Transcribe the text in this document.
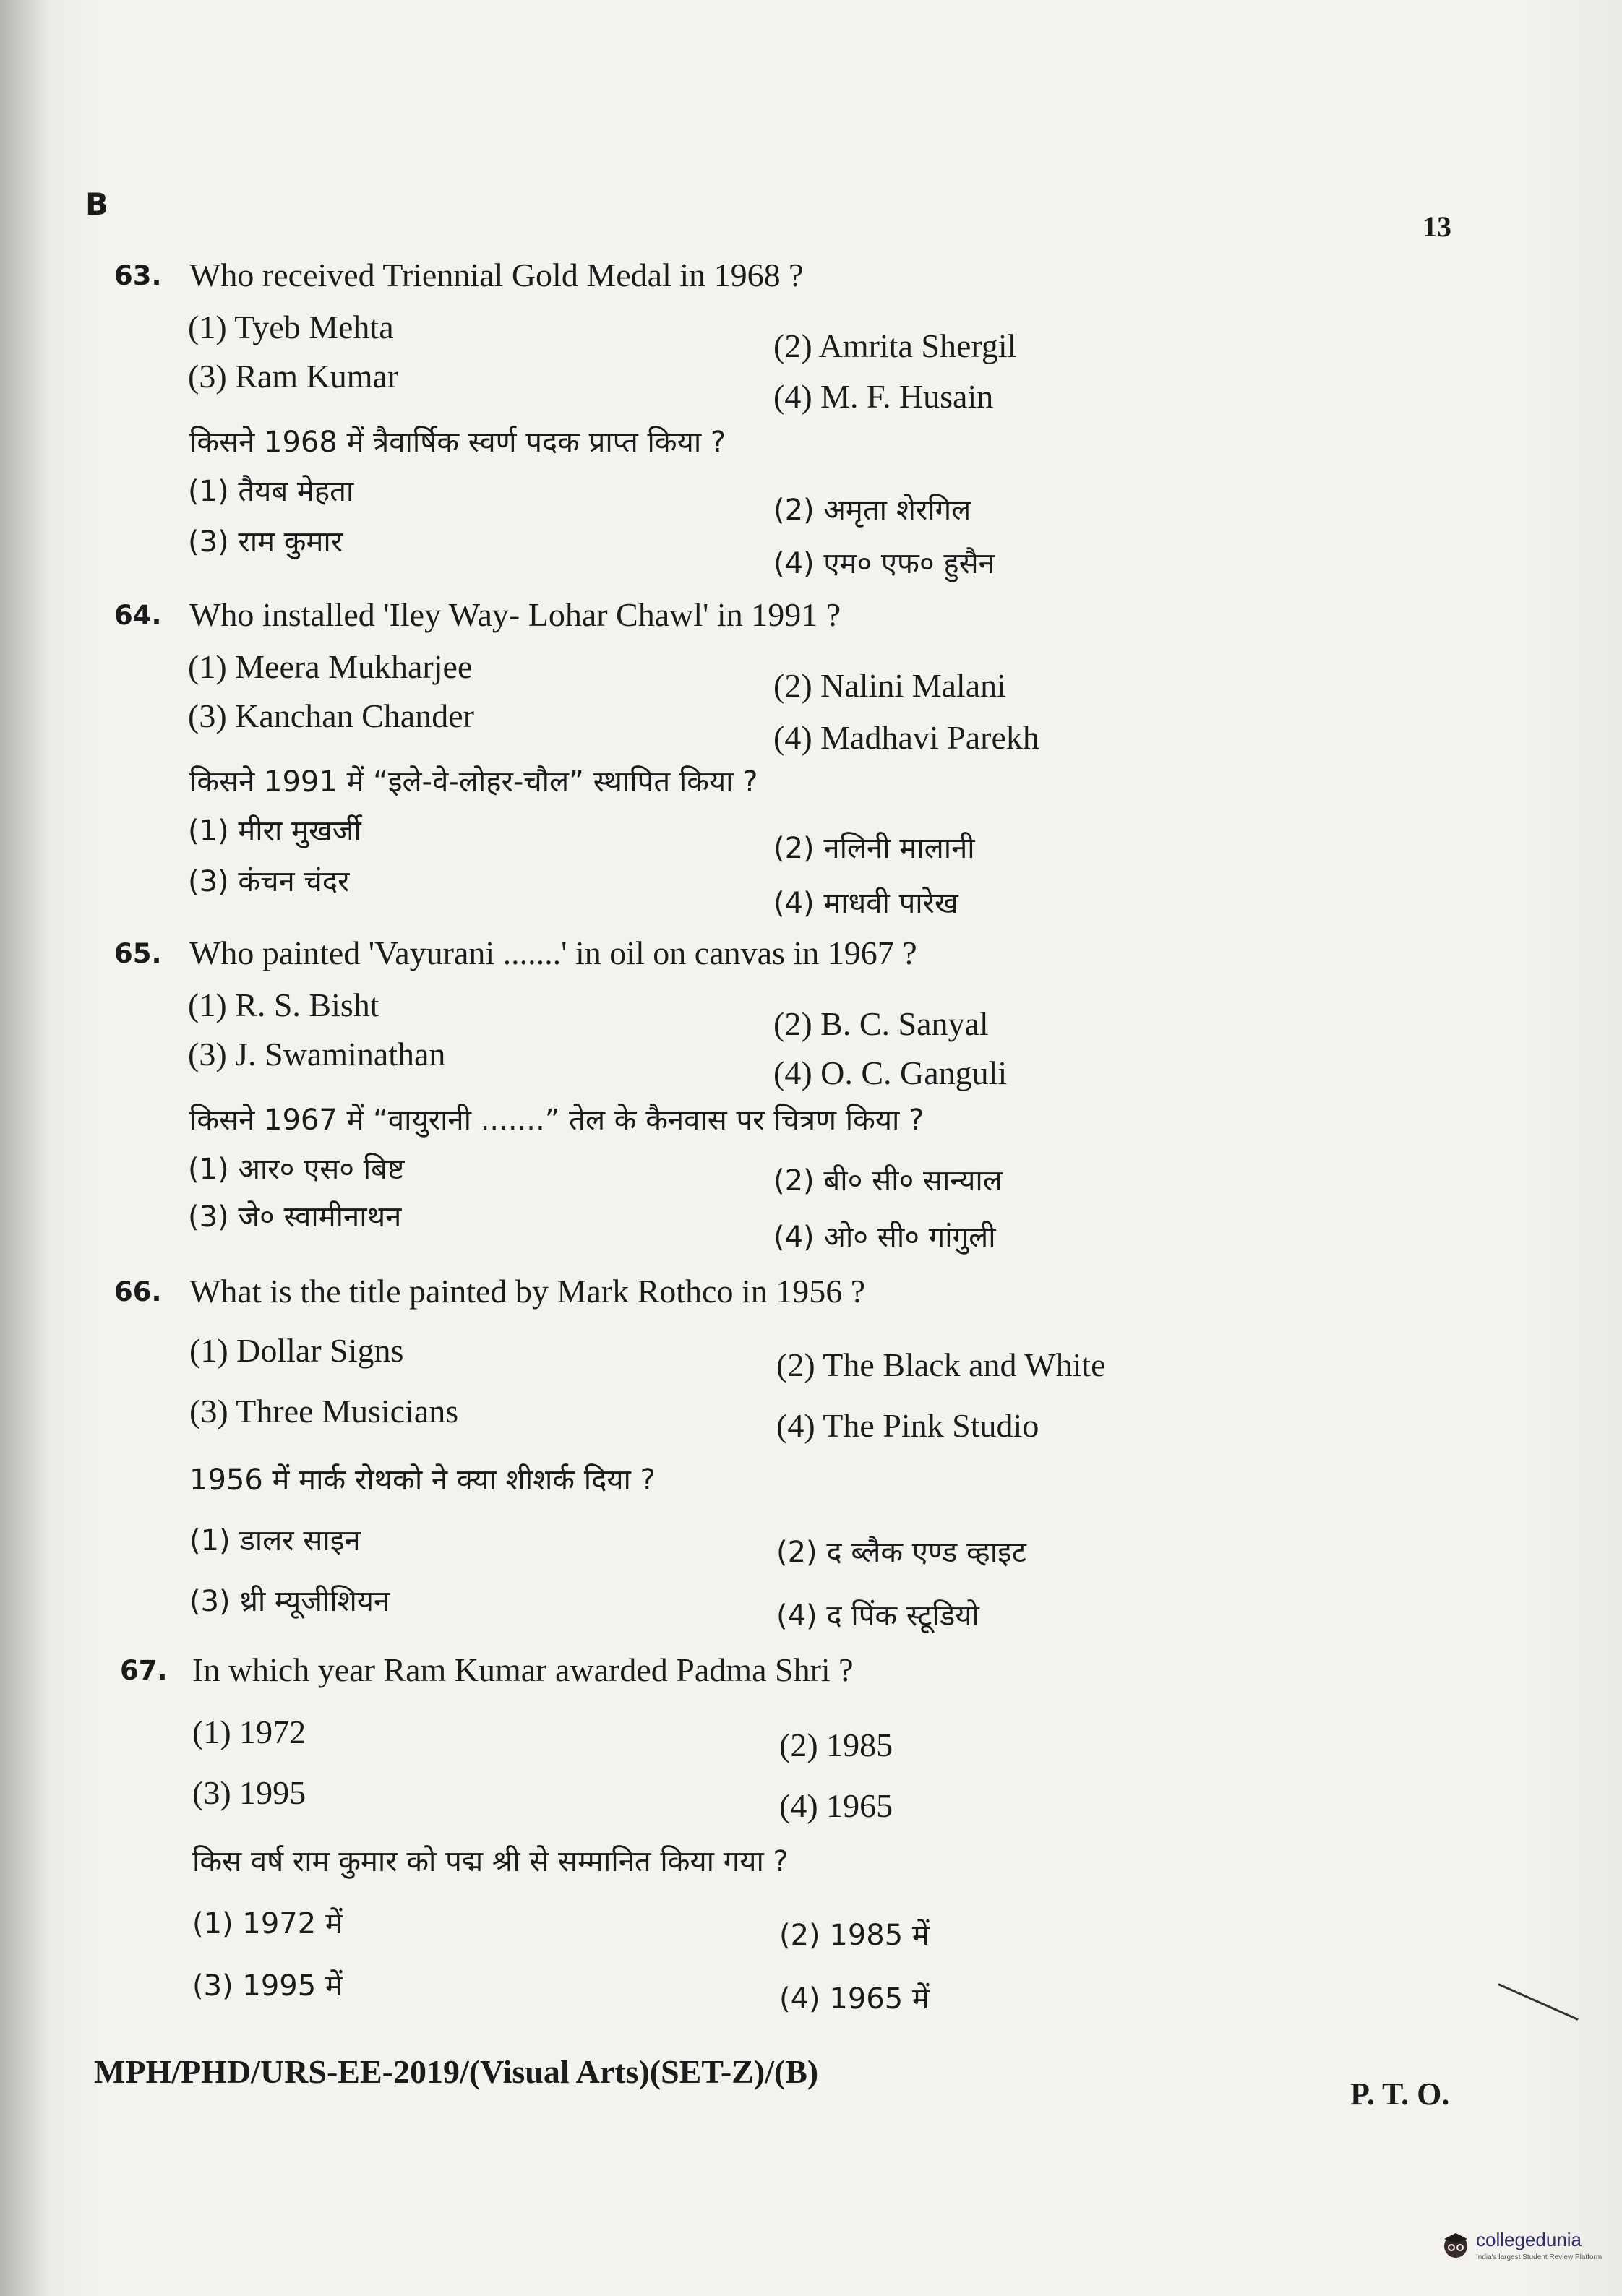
B
13
63. Who received Triennial Gold Medal in 1968 ?
(1) Tyeb Mehta
(2) Amrita Shergil
(3) Ram Kumar
(4) M. F. Husain
किसने 1968 में त्रैवार्षिक स्वर्ण पदक प्राप्त किया ?
(1) तैयब मेहता
(2) अमृता शेरगिल
(3) राम कुमार
(4) एम० एफ० हुसैन
64. Who installed 'Iley Way- Lohar Chawl' in 1991 ?
(1) Meera Mukharjee
(2) Nalini Malani
(3) Kanchan Chander
(4) Madhavi Parekh
किसने 1991 में “इले-वे-लोहर-चौल” स्थापित किया ?
(1) मीरा मुखर्जी
(2) नलिनी मालानी
(3) कंचन चंदर
(4) माधवी पारेख
65. Who painted 'Vayurani .......' in oil on canvas in 1967 ?
(1) R. S. Bisht
(2) B. C. Sanyal
(3) J. Swaminathan
(4) O. C. Ganguli
किसने 1967 में “वायुरानी .......” तेल के कैनवास पर चित्रण किया ?
(1) आर० एस० बिष्ट	(2) बी० सी० सान्याल
(3) जे० स्वामीनाथन
(4) ओ० सी० गांगुली
66. What is the title painted by Mark Rothco in 1956 ?
(1) Dollar Signs	(2) The Black and White
(3) Three Musicians	(4) The Pink Studio
1956 में मार्क रोथको ने क्या शीशर्क दिया ?
(1) डालर साइन	(2) द ब्लैक एण्ड व्हाइट
(3) थ्री म्यूजीशियन	(4) द पिंक स्टूडियो
67. In which year Ram Kumar awarded Padma Shri ?
(1) 1972	(2) 1985
(3) 1995	(4) 1965
किस वर्ष राम कुमार को पद्म श्री से सम्मानित किया गया ?
(1) 1972 में	(2) 1985 में
(3) 1995 में	(4) 1965 में
MPH/PHD/URS-EE-2019/(Visual Arts)(SET-Z)/(B)
P. T. O.
collegedunia
India's largest Student Review Platform
